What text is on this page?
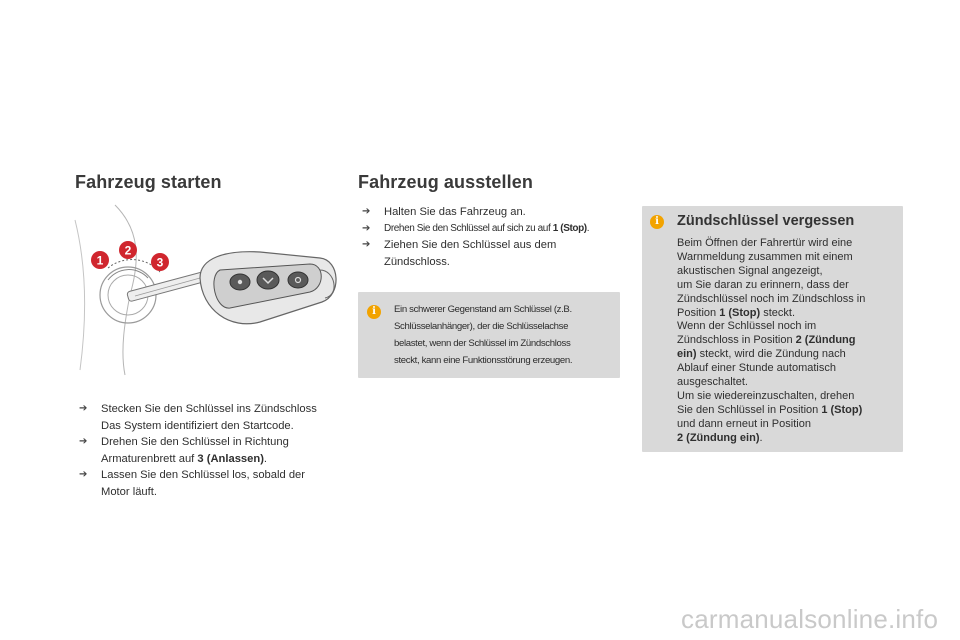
Fahrzeug starten
1
2
3
➔ Stecken Sie den Schlüssel ins Zündschloss
Das System identifiziert den Startcode.
➔ Drehen Sie den Schlüssel in Richtung
Armaturenbrett auf 3 (Anlassen).
➔ Lassen Sie den Schlüssel los, sobald der
Motor läuft.
Fahrzeug ausstellen
➔ Halten Sie das Fahrzeug an.
➔ Drehen Sie den Schlüssel auf sich zu auf 1 (Stop).
➔ Ziehen Sie den Schlüssel aus dem
Zündschloss.
i	Ein schwerer Gegenstand am Schlüssel (z.B.
Schlüsselanhänger), der die Schlüsselachse
belastet, wenn der Schlüssel im Zündschloss
steckt, kann eine Funktionsstörung erzeugen.
i	Zündschlüssel vergessen
Beim Öffnen der Fahrertür wird eine
Warnmeldung zusammen mit einem
akustischen Signal angezeigt,
um Sie daran zu erinnern, dass der
Zündschlüssel noch im Zündschloss in
Position 1 (Stop) steckt.
Wenn der Schlüssel noch im
Zündschloss in Position 2 (Zündung
ein) steckt, wird die Zündung nach
Ablauf einer Stunde automatisch
ausgeschaltet.
Um sie wiedereinzuschalten, drehen
Sie den Schlüssel in Position 1 (Stop)
und dann erneut in Position
2 (Zündung ein).
carmanualsonline.info
